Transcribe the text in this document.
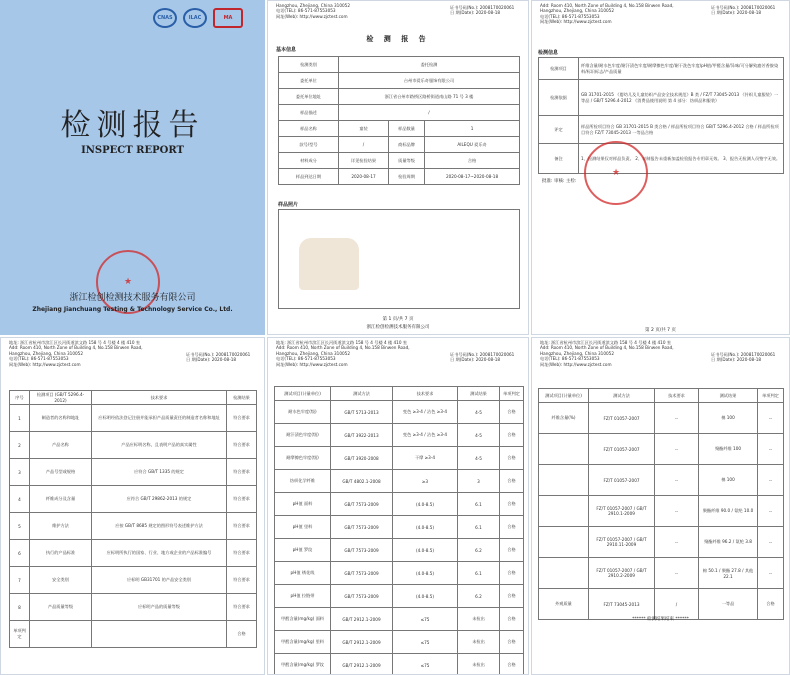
CNAS	ILAC	MA
检测报告
INSPECT REPORT
★
浙江检创检测技术服务有限公司
Zhejiang Jianchuang Testing & Technology Service Co., Ltd.
Hangzhou, Zhejiang, China 310052
电话(TEL): 86-571-87553053
网址(Web): http://www.zjctest.com
证书号码(No.): 2008170020061
日 期(Date): 2020-08-18
基本信息
检 测 报 告
检测类别	委托检测		
委托单位	台州市爱乐奇服饰有限公司		
委托单位地址	浙江省台州市路桥区路桥街道南山路 71 号 3 楼		
样品描述	/		
样品名称	童装	样品数量	1
款号/型号	/	商标品牌	AILEQU 爱乐奇
材料成分	详见检验结果	质量等级	合格
样品到达日期	2020-08-17	检验周期	2020-08-17~2020-08-18
样品照片
第 1 页/共 7 页
浙江检创检测技术服务有限公司
Add: Room 410, North Zone of Building 4, No.158 Binwen Road,
Hangzhou, Zhejiang, China 310052
电话(TEL): 86-571-87553053
网址(Web): http://www.zjctest.com
证书号码(No.): 2008170020061
日 期(Date): 2020-08-18
检测信息
检测项目	纤维含量/耐水色牢度/耐汗渍色牢度/耐摩擦色牢度/耐干洗色牢度/pH值/甲醛含量/异味/可分解致癌芳香胺染料/标识标志/产品质量
检测依据	GB 31701-2015 《婴幼儿及儿童纺织产品安全技术规范》B 类 / FZ/T 73045-2013 《针织儿童服装》一等品 / GB/T 5296.4-2012 《消费品使用说明 第 4 部分：纺织品和服装》
评定	样品所检项目符合 GB 31701-2015 B 类合格 / 样品所检项目符合 GB/T 5296.4-2012 合格 / 样品所检项目符合 FZ/T 73045-2013 一等品合格
备注	1、检测结果仅对样品负责。 2、复制报告未重新加盖检验报告专用章无效。 3、报告无检测人员签字无效。
批准: 审核: 主检:
★
第 2 页/共 7 页
地址: 浙江省杭州市滨江区长河街道滨文路 158 号 4 号楼 4 楼 410 室
Add: Room 410, North Zone of Building 4, No.158 Binwen Road,
Hangzhou, Zhejiang, China 310052
电话(TEL): 86-571-87553053
网址(Web): http://www.zjctest.com
证书号码(No.): 2008170020061
日 期(Date): 2020-08-18
序号	检测项目 (GB/T 5296.4-2012)	技术要求	检测结果
1	制造者的名称和地址	应标明经依法登记注册并能承担产品质量责任的制造者名称和地址	符合要求
2	产品名称	产品应标明名称，且表明产品的真实属性	符合要求
3	产品号型或规格	应符合 GB/T 1335 的规定	符合要求
4	纤维成分及含量	应符合 GB/T 29862-2013 的规定	符合要求
5	维护方法	应按 GB/T 8685 规定的图形符号表述维护方法	符合要求
6	执行的产品标准	应标明所执行的国家、行业、地方或企业的产品标准编号	符合要求
7	安全类别	应标明 GB31701 的产品安全类别	符合要求
8	产品质量等级	应标明产品的质量等级	符合要求
单项判定			合格
地址: 浙江省杭州市滨江区长河街道滨文路 158 号 4 号楼 4 楼 410 室
Add: Room 410, North Zone of Building 4, No.158 Binwen Road,
Hangzhou, Zhejiang, China 310052
电话(TEL): 86-571-87553053
网址(Web): http://www.zjctest.com
证书号码(No.): 2008170020061
日 期(Date): 2020-08-18
测试项目(计量单位)	测试方法	技术要求	测试结果	单项判定
耐水色牢度(级)	GB/T 5713-2013	变色 ≥3-4 / 沾色 ≥3-4	4-5	合格
耐汗渍色牢度(级)	GB/T 3922-2013	变色 ≥3-4 / 沾色 ≥3-4	4-5	合格
耐摩擦色牢度(级)	GB/T 3920-2008	干摩 ≥3-4	4-5	合格
纺织化学纤维	GB/T 4802.1-2008	≥3	3	合格
pH值 面料	GB/T 7573-2009	(4.0-8.5)	6.1	合格
pH值 里料	GB/T 7573-2009	(4.0-8.5)	6.1	合格
pH值 罗纹	GB/T 7573-2009	(4.0-8.5)	6.2	合格
pH值 绣花线	GB/T 7573-2009	(4.0-8.5)	6.1	合格
pH值 拉链带	GB/T 7573-2009	(4.0-8.5)	6.2	合格
甲醛含量(mg/kg) 面料	GB/T 2912.1-2009	≤75	未检出	合格
甲醛含量(mg/kg) 里料	GB/T 2912.1-2009	≤75	未检出	合格
甲醛含量(mg/kg) 罗纹	GB/T 2912.1-2009	≤75	未检出	合格
地址: 浙江省杭州市滨江区长河街道滨文路 158 号 4 号楼 4 楼 410 室
Add: Room 410, North Zone of Building 4, No.158 Binwen Road,
Hangzhou, Zhejiang, China 310052
电话(TEL): 86-571-87553053
网址(Web): http://www.zjctest.com
证书号码(No.): 2008170020061
日 期(Date): 2020-08-18
测试项目(计量单位)	测试方法	技术要求	测试结果	单项判定
纤维含量(%)	FZ/T 01057-2007	--	棉 100	--
	FZ/T 01057-2007	--	聚酯纤维 100	--
	FZ/T 01057-2007	--	棉 100	--
	FZ/T 01057-2007 / GB/T 2910.1-2009	--	聚酯纤维 90.0 / 氨纶 10.0	--
	FZ/T 01057-2007 / GB/T 2910.11-2009	--	聚酯纤维 96.2 / 氨纶 3.8	--
	FZ/T 01057-2007 / GB/T 2910.2-2009	--	棉 50.1 / 聚酯 27.8 / 其他 22.1	--
外观质量	FZ/T 73045-2013	/	一等品	合格
****** 检测结果结束 ******
